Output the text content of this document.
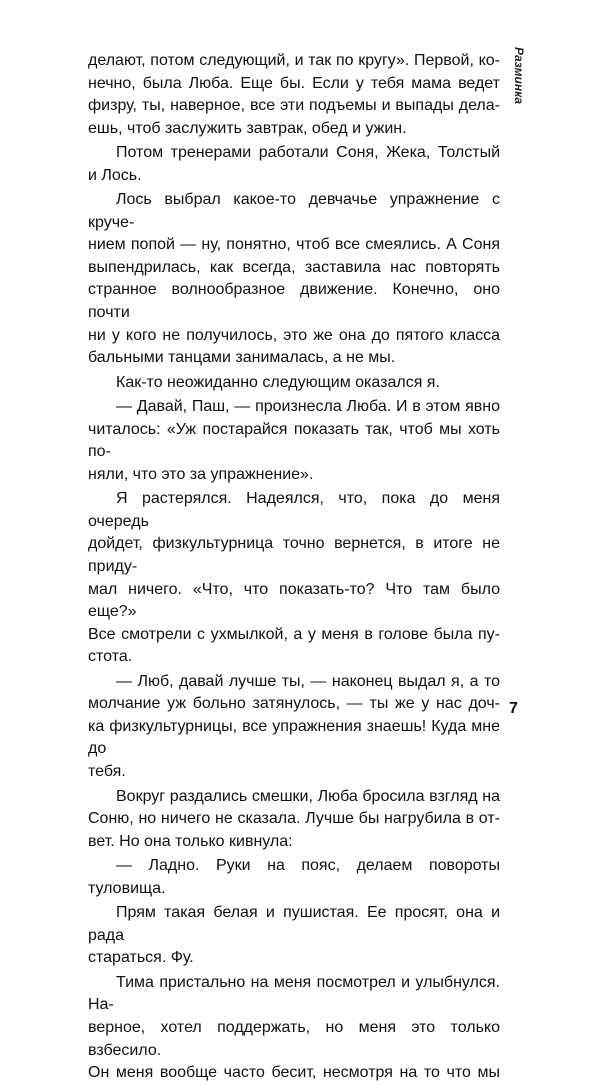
делают, потом следующий, и так по кругу». Первой, ко-
нечно, была Люба. Еще бы. Если у тебя мама ведет
физру, ты, наверное, все эти подъемы и выпады дела-
ешь, чтоб заслужить завтрак, обед и ужин.
Потом тренерами работали Соня, Жека, Толстый
и Лось.
Лось выбрал какое-то девчачье упражнение с круче-
нием попой — ну, понятно, чтоб все смеялись. А Соня
выпендрилась, как всегда, заставила нас повторять
странное волнообразное движение. Конечно, оно почти
ни у кого не получилось, это же она до пятого класса
бальными танцами занималась, а не мы.
Как-то неожиданно следующим оказался я.
— Давай, Паш, — произнесла Люба. И в этом явно
читалось: «Уж постарайся показать так, чтоб мы хоть по-
няли, что это за упражнение».
Я растерялся. Надеялся, что, пока до меня очередь
дойдет, физкультурница точно вернется, в итоге не приду-
мал ничего. «Что, что показать-то? Что там было еще?»
Все смотрели с ухмылкой, а у меня в голове была пу-
стота.
— Люб, давай лучше ты, — наконец выдал я, а то
молчание уж больно затянулось, — ты же у нас доч-
ка физкультурницы, все упражнения знаешь! Куда мне до
тебя.
Вокруг раздались смешки, Люба бросила взгляд на
Соню, но ничего не сказала. Лучше бы нагрубила в от-
вет. Но она только кивнула:
— Ладно. Руки на пояс, делаем повороты туловища.
Прям такая белая и пушистая. Ее просят, она и рада
стараться. Фу.
Тима пристально на меня посмотрел и улыбнулся. На-
верное, хотел поддержать, но меня это только взбесило.
Он меня вообще часто бесит, несмотря на то что мы
Разминка
7
